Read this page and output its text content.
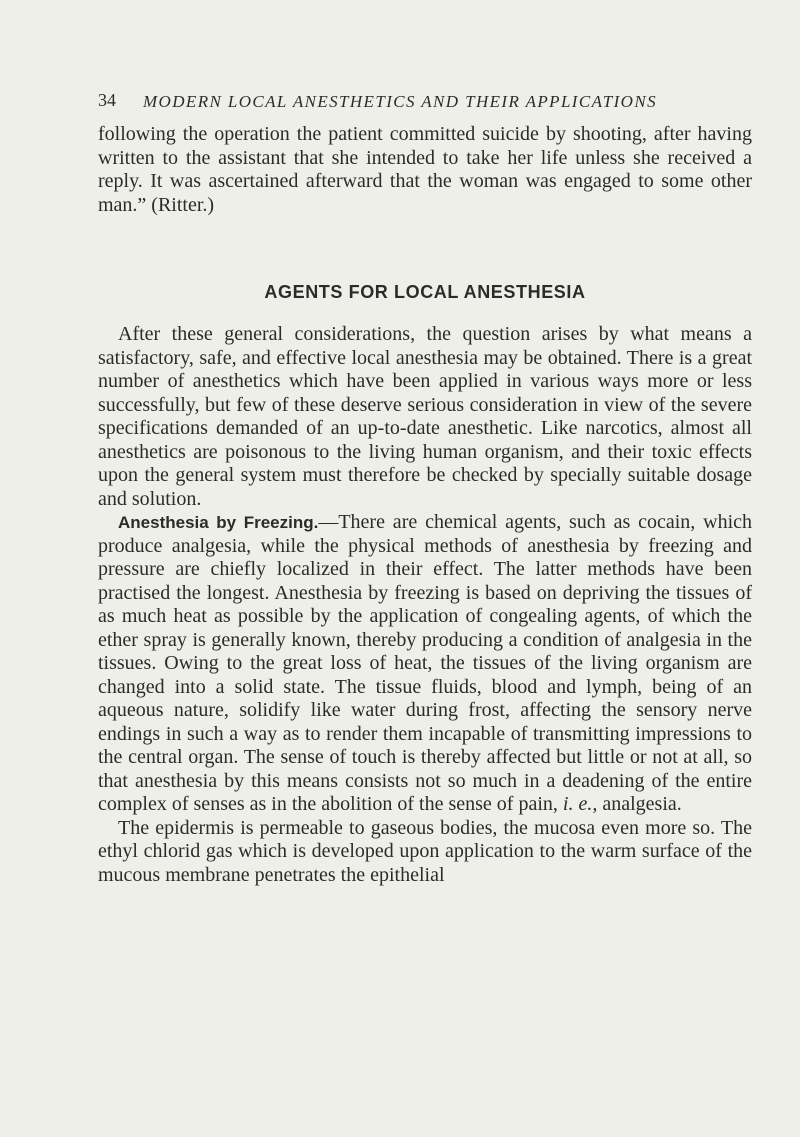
34 MODERN LOCAL ANESTHETICS AND THEIR APPLICATIONS

following the operation the patient committed suicide by shooting, after having written to the assistant that she intended to take her life unless she received a reply. It was ascertained afterward that the woman was engaged to some other man.” (Ritter.)

AGENTS FOR LOCAL ANESTHESIA

After these general considerations, the question arises by what means a satisfactory, safe, and effective local anesthesia may be obtained. There is a great number of anesthetics which have been applied in various ways more or less successfully, but few of these deserve serious consideration in view of the severe specifications demanded of an up-to-date anesthetic. Like narcotics, almost all anesthetics are poisonous to the living human organism, and their toxic effects upon the general system must therefore be checked by specially suitable dosage and solution.

Anesthesia by Freezing.—There are chemical agents, such as cocain, which produce analgesia, while the physical methods of anesthesia by freezing and pressure are chiefly localized in their effect. The latter methods have been practised the longest. Anesthesia by freezing is based on depriving the tissues of as much heat as possible by the application of congealing agents, of which the ether spray is generally known, thereby producing a condition of analgesia in the tissues. Owing to the great loss of heat, the tissues of the living organism are changed into a solid state. The tissue fluids, blood and lymph, being of an aqueous nature, solidify like water during frost, affecting the sensory nerve endings in such a way as to render them incapable of transmitting impressions to the central organ. The sense of touch is thereby affected but little or not at all, so that anesthesia by this means consists not so much in a deadening of the entire complex of senses as in the abolition of the sense of pain, i. e., analgesia.

The epidermis is permeable to gaseous bodies, the mucosa even more so. The ethyl chlorid gas which is developed upon application to the warm surface of the mucous membrane penetrates the epithelial
